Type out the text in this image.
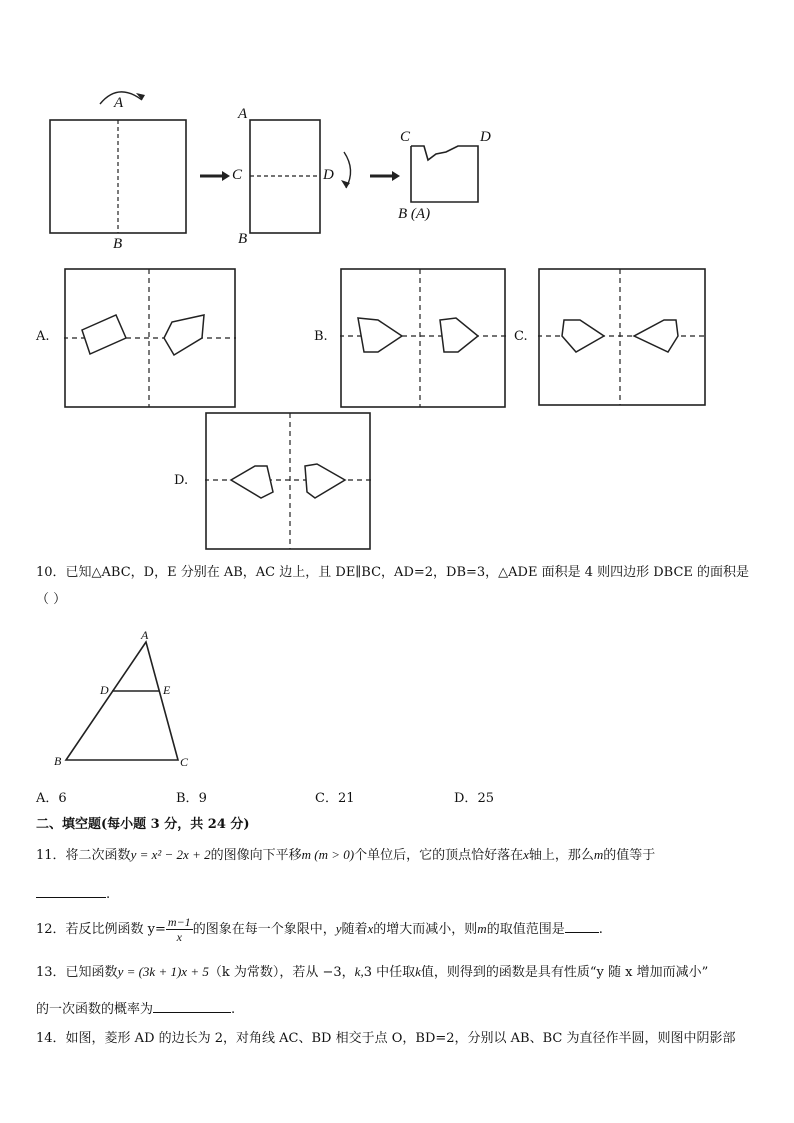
A
B
A
C	D
B
C	D
B (A)
A.	B.	C.
D.
10．已知△ABC，D，E 分别在 AB，AC 边上，且 DE∥BC，AD=2，DB=3，△ADE 面积是 4 则四边形 DBCE 的面积是
（ ）
A
D	E
B	C
A．6	B．9	C．21	D．25
二、填空题(每小题 3 分，共 24 分)
11．将二次函数y = x² − 2x + 2的图像向下平移m (m > 0)个单位后，它的顶点恰好落在x轴上，那么m的值等于
.
12．若反比例函数 $y= \frac{m-1}{x}$ 的图象在每一个象限中，y随着x的增大而减小，则m的取值范围是	.
13．已知函数y = (3k + 1)x + 5（k 为常数），若从 −3，k,3 中任取k值，则得到的函数是具有性质“y 随 x 增加而减小”
的一次函数的概率为	.
14．如图，菱形 AD 的边长为 2，对角线 AC、BD 相交于点 O，BD=2，分别以 AB、BC 为直径作半圆，则图中阴影部
